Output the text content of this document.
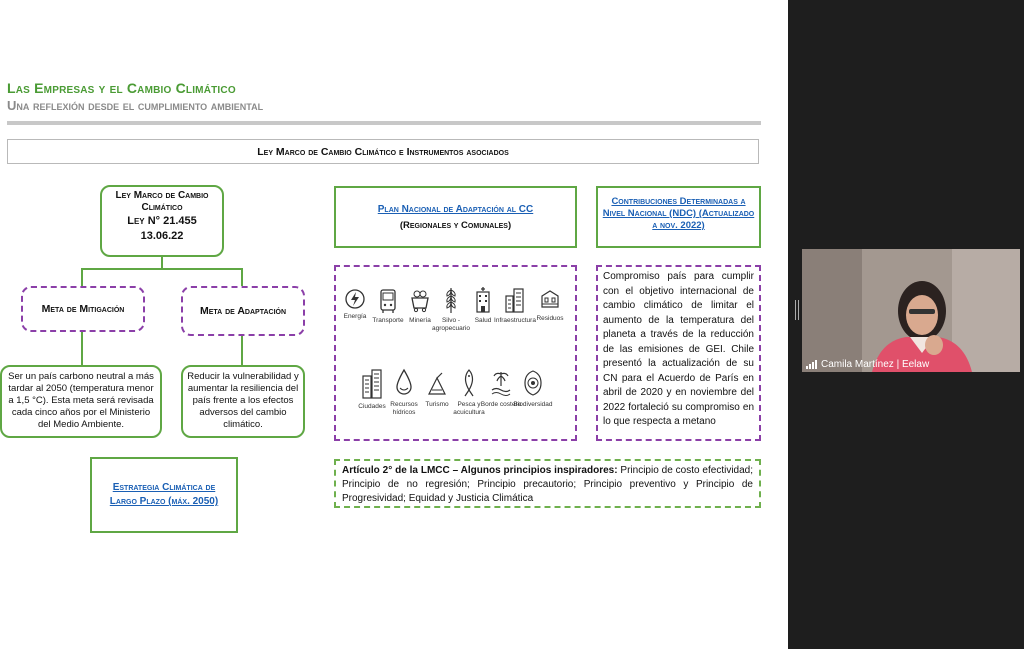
Las Empresas y el Cambio Climático
Una reflexión desde el cumplimiento ambiental
Ley Marco de Cambio Climático e Instrumentos asociados
Ley Marco de Cambio Climático
Ley N° 21.455
13.06.22
Meta de Mitigación	Meta de Adaptación
Ser un país carbono neutral a más tardar al 2050 (temperatura menor a 1,5 °C). Esta meta será revisada cada cinco años por el Ministerio del Medio Ambiente.
Reducir la vulnerabilidad y aumentar la resiliencia del país frente a los efectos adversos del cambio climático.
Estrategia Climática de Largo Plazo (máx. 2050)
Plan Nacional de Adaptación al CC
(Regionales y Comunales)
Contribuciones Determinadas a Nivel Nacional (NDC) (Actualizado a nov. 2022)
Energía
Transporte Minería	Silvo - agropecuario
Salud Infraestructura Residuos
Ciudades Recursos hídricos
Turismo	Pesca y acuicultura
Borde costero
Biodiversidad
Compromiso país para cumplir con el objetivo internacional de cambio climático de limitar el aumento de la temperatura del planeta a través de la reducción de las emisiones de GEI. Chile presentó la actualización de su CN para el Acuerdo de París en abril de 2020 y en noviembre del 2022 fortaleció su compromiso en lo que respecta a metano
Artículo 2° de la LMCC – Algunos principios inspiradores: Principio de costo efectividad; Principio de no regresión; Principio precautorio; Principio preventivo y Principio de Progresividad; Equidad y Justicia Climática
Camila Martínez | Eelaw
